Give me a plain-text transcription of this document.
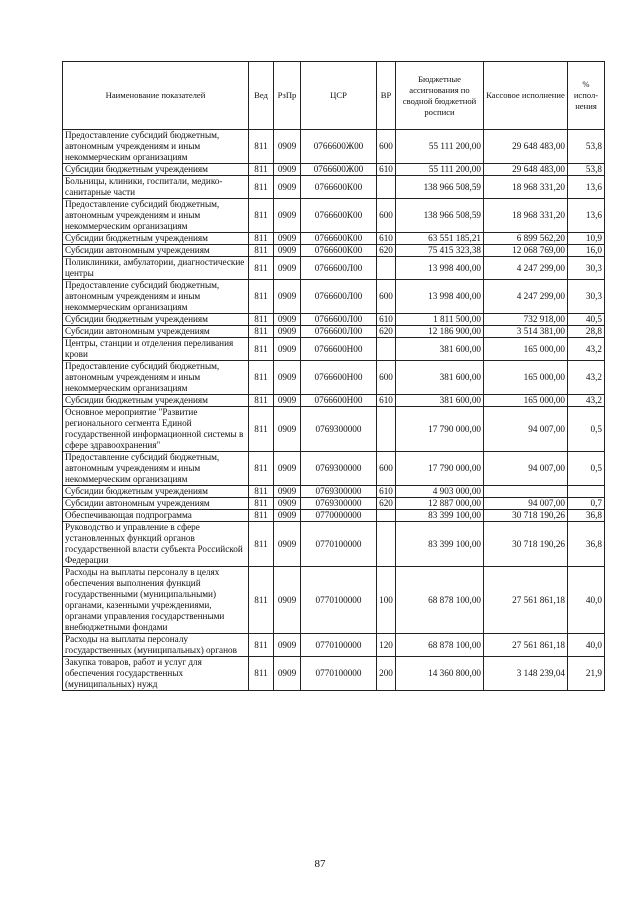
Наименование показателей	Вед	РзПр	ЦСР	ВР	Бюджетные ассигнования по сводной бюджетной росписи	Кассовое исполнение	% испол-нения
Предоставление субсидий бюджетным, автономным учреждениям и иным некоммерческим организациям	811	0909	0766600Ж00	600	55 111 200,00	29 648 483,00	53,8
Субсидии бюджетным учреждениям	811	0909	0766600Ж00	610	55 111 200,00	29 648 483,00	53,8
Больницы, клиники, госпитали, медико-санитарные части	811	0909	0766600К00		138 966 508,59	18 968 331,20	13,6
Предоставление субсидий бюджетным, автономным учреждениям и иным некоммерческим организациям	811	0909	0766600К00	600	138 966 508,59	18 968 331,20	13,6
Субсидии бюджетным учреждениям	811	0909	0766600К00	610	63 551 185,21	6 899 562,20	10,9
Субсидии автономным учреждениям	811	0909	0766600К00	620	75 415 323,38	12 068 769,00	16,0
Поликлиники, амбулатории, диагностические центры	811	0909	0766600Л00		13 998 400,00	4 247 299,00	30,3
Предоставление субсидий бюджетным, автономным учреждениям и иным некоммерческим организациям	811	0909	0766600Л00	600	13 998 400,00	4 247 299,00	30,3
Субсидии бюджетным учреждениям	811	0909	0766600Л00	610	1 811 500,00	732 918,00	40,5
Субсидии автономным учреждениям	811	0909	0766600Л00	620	12 186 900,00	3 514 381,00	28,8
Центры, станции и отделения переливания крови	811	0909	0766600Н00		381 600,00	165 000,00	43,2
Предоставление субсидий бюджетным, автономным учреждениям и иным некоммерческим организациям	811	0909	0766600Н00	600	381 600,00	165 000,00	43,2
Субсидии бюджетным учреждениям	811	0909	0766600Н00	610	381 600,00	165 000,00	43,2
Основное мероприятие "Развитие регионального сегмента Единой государственной информационной системы в сфере здравоохранения"	811	0909	0769300000		17 790 000,00	94 007,00	0,5
Предоставление субсидий бюджетным, автономным учреждениям и иным некоммерческим организациям	811	0909	0769300000	600	17 790 000,00	94 007,00	0,5
Субсидии бюджетным учреждениям	811	0909	0769300000	610	4 903 000,00		
Субсидии автономным учреждениям	811	0909	0769300000	620	12 887 000,00	94 007,00	0,7
Обеспечивающая подпрограмма	811	0909	0770000000		83 399 100,00	30 718 190,26	36,8
Руководство и управление в сфере установленных функций органов государственной власти субъекта Российской Федерации	811	0909	0770100000		83 399 100,00	30 718 190,26	36,8
Расходы на выплаты персоналу в целях обеспечения выполнения функций государственными (муниципальными) органами, казенными учреждениями, органами управления государственными внебюджетными фондами	811	0909	0770100000	100	68 878 100,00	27 561 861,18	40,0
Расходы на выплаты персоналу государственных (муниципальных) органов	811	0909	0770100000	120	68 878 100,00	27 561 861,18	40,0
Закупка товаров, работ и услуг для обеспечения государственных (муниципальных) нужд	811	0909	0770100000	200	14 360 800,00	3 148 239,04	21,9
87
